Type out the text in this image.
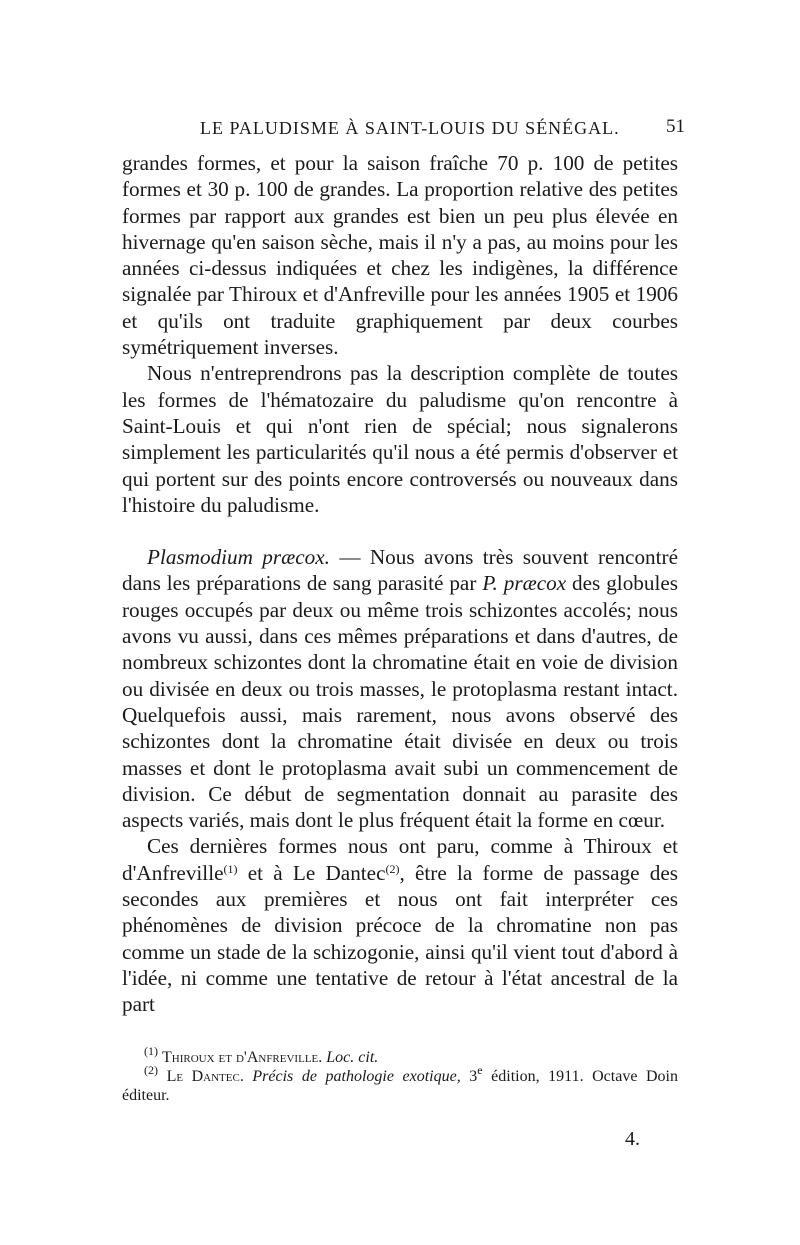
LE PALUDISME À SAINT-LOUIS DU SÉNÉGAL.	51

grandes formes, et pour la saison fraîche 70 p. 100 de petites formes et 30 p. 100 de grandes. La proportion relative des petites formes par rapport aux grandes est bien un peu plus élevée en hivernage qu'en saison sèche, mais il n'y a pas, au moins pour les années ci-dessus indiquées et chez les indigènes, la différence signalée par Thiroux et d'Anfreville pour les années 1905 et 1906 et qu'ils ont traduite graphiquement par deux courbes symétriquement inverses.

Nous n'entreprendrons pas la description complète de toutes les formes de l'hématozaire du paludisme qu'on rencontre à Saint-Louis et qui n'ont rien de spécial; nous signalerons simplement les particularités qu'il nous a été permis d'observer et qui portent sur des points encore controversés ou nouveaux dans l'histoire du paludisme.

Plasmodium præcox. — Nous avons très souvent rencontré dans les préparations de sang parasité par P. præcox des globules rouges occupés par deux ou même trois schizontes accolés; nous avons vu aussi, dans ces mêmes préparations et dans d'autres, de nombreux schizontes dont la chromatine était en voie de division ou divisée en deux ou trois masses, le protoplasma restant intact. Quelquefois aussi, mais rarement, nous avons observé des schizontes dont la chromatine était divisée en deux ou trois masses et dont le protoplasma avait subi un commencement de division. Ce début de segmentation donnait au parasite des aspects variés, mais dont le plus fréquent était la forme en cœur.

Ces dernières formes nous ont paru, comme à Thiroux et d'Anfreville$^{(1)}$ et à Le Dantec$^{(2)}$, être la forme de passage des secondes aux premières et nous ont fait interpréter ces phénomènes de division précoce de la chromatine non pas comme un stade de la schizogonie, ainsi qu'il vient tout d'abord à l'idée, ni comme une tentative de retour à l'état ancestral de la part

$^{(1)}$ Thiroux et d'Anfreville. Loc. cit.

$^{(2)}$ Le Dantec. Précis de pathologie exotique, 3e édition, 1911. Octave Doin éditeur.

4.
